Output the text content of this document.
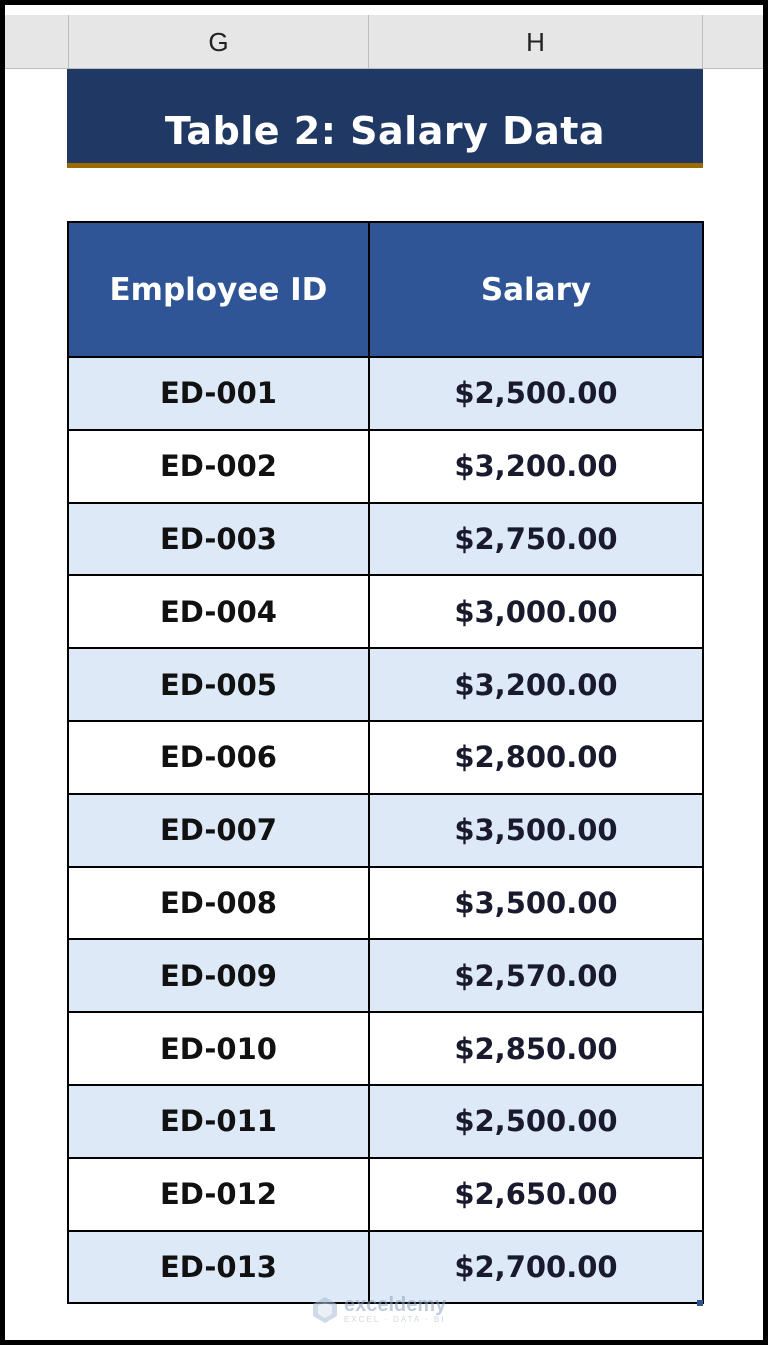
G	H
Table 2: Salary Data
Employee ID	Salary
ED-001	$2,500.00
ED-002	$3,200.00
ED-003	$2,750.00
ED-004	$3,000.00
ED-005	$3,200.00
ED-006	$2,800.00
ED-007	$3,500.00
ED-008	$3,500.00
ED-009	$2,570.00
ED-010	$2,850.00
ED-011	$2,500.00
ED-012	$2,650.00
ED-013	$2,700.00
exceldemy
EXCEL · DATA · BI
